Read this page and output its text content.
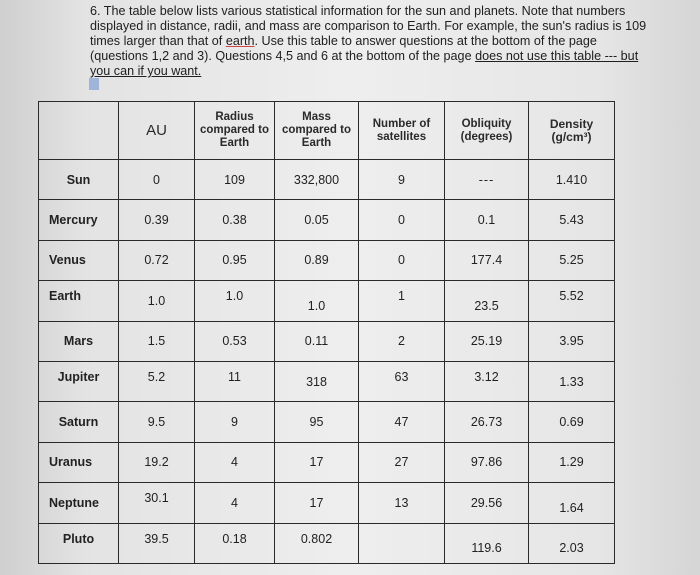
6. The table below lists various statistical information for the sun and planets. Note that numbers displayed in distance, radii, and mass are comparison to Earth. For example, the sun's radius is 109 times larger than that of earth. Use this table to answer questions at the bottom of the page (questions 1,2 and 3). Questions 4,5 and 6 at the bottom of the page does not use this table --- but you can if you want.
	AU	Radius compared to Earth	Mass compared to Earth	Number of satellites	Obliquity (degrees)	Density (g/cm³)
Sun	0	109	332,800	9	---	1.410
Mercury	0.39	0.38	0.05	0	0.1	5.43
Venus	0.72	0.95	0.89	0	177.4	5.25
Earth	1.0	1.0	1.0	1	23.5	5.52
Mars	1.5	0.53	0.11	2	25.19	3.95
Jupiter	5.2	11	318	63	3.12	1.33
Saturn	9.5	9	95	47	26.73	0.69
Uranus	19.2	4	17	27	97.86	1.29
Neptune	30.1	4	17	13	29.56	1.64
Pluto	39.5	0.18	0.802		119.6	2.03
